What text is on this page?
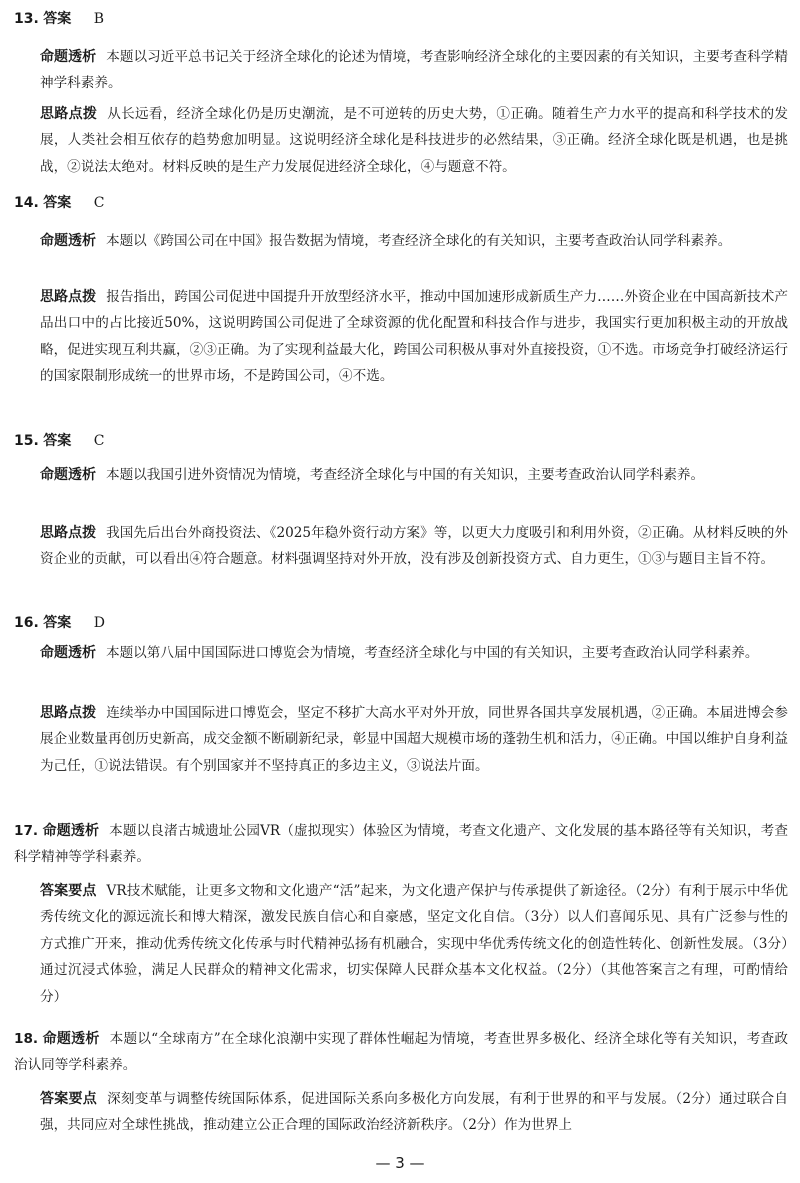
13. 答案 B
命题透析 本题以习近平总书记关于经济全球化的论述为情境，考查影响经济全球化的主要因素的有关知识，主要考查科学精神学科素养。
思路点拨 从长远看，经济全球化仍是历史潮流，是不可逆转的历史大势，①正确。随着生产力水平的提高和科学技术的发展，人类社会相互依存的趋势愈加明显。这说明经济全球化是科技进步的必然结果，③正确。经济全球化既是机遇，也是挑战，②说法太绝对。材料反映的是生产力发展促进经济全球化，④与题意不符。
14. 答案 C
命题透析 本题以《跨国公司在中国》报告数据为情境，考查经济全球化的有关知识，主要考查政治认同学科素养。
思路点拨 报告指出，跨国公司促进中国提升开放型经济水平，推动中国加速形成新质生产力……外资企业在中国高新技术产品出口中的占比接近50%，这说明跨国公司促进了全球资源的优化配置和科技合作与进步，我国实行更加积极主动的开放战略，促进实现互利共赢，②③正确。为了实现利益最大化，跨国公司积极从事对外直接投资，①不选。市场竞争打破经济运行的国家限制形成统一的世界市场，不是跨国公司，④不选。
15. 答案 C
命题透析 本题以我国引进外资情况为情境，考查经济全球化与中国的有关知识，主要考查政治认同学科素养。
思路点拨 我国先后出台外商投资法、《2025年稳外资行动方案》等，以更大力度吸引和利用外资，②正确。从材料反映的外资企业的贡献，可以看出④符合题意。材料强调坚持对外开放，没有涉及创新投资方式、自力更生，①③与题目主旨不符。
16. 答案 D
命题透析 本题以第八届中国国际进口博览会为情境，考查经济全球化与中国的有关知识，主要考查政治认同学科素养。
思路点拨 连续举办中国国际进口博览会，坚定不移扩大高水平对外开放，同世界各国共享发展机遇，②正确。本届进博会参展企业数量再创历史新高，成交金额不断刷新纪录，彰显中国超大规模市场的蓬勃生机和活力，④正确。中国以维护自身利益为己任，①说法错误。有个别国家并不坚持真正的多边主义，③说法片面。
17. 命题透析 本题以良渚古城遗址公园VR（虚拟现实）体验区为情境，考查文化遗产、文化发展的基本路径等有关知识，考查科学精神等学科素养。
答案要点 VR技术赋能，让更多文物和文化遗产“活”起来，为文化遗产保护与传承提供了新途径。（2分）有利于展示中华优秀传统文化的源远流长和博大精深，激发民族自信心和自豪感，坚定文化自信。（3分）以人们喜闻乐见、具有广泛参与性的方式推广开来，推动优秀传统文化传承与时代精神弘扬有机融合，实现中华优秀传统文化的创造性转化、创新性发展。（3分）通过沉浸式体验，满足人民群众的精神文化需求，切实保障人民群众基本文化权益。（2分）（其他答案言之有理，可酌情给分）
18. 命题透析 本题以“全球南方”在全球化浪潮中实现了群体性崛起为情境，考查世界多极化、经济全球化等有关知识，考查政治认同等学科素养。
答案要点 深刻变革与调整传统国际体系，促进国际关系向多极化方向发展，有利于世界的和平与发展。（2分）通过联合自强，共同应对全球性挑战，推动建立公正合理的国际政治经济新秩序。（2分）作为世界上
— 3 —
